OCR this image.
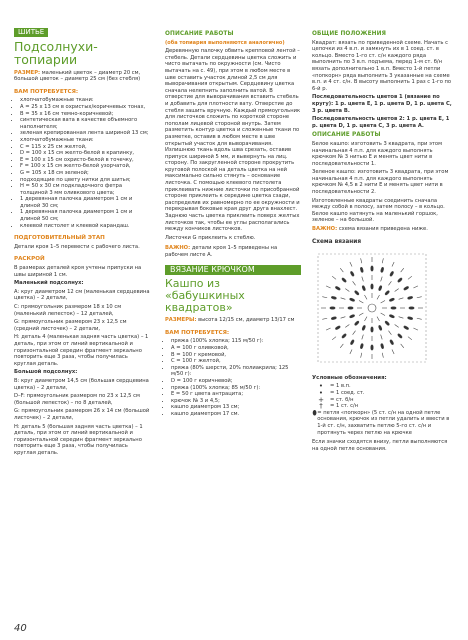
ШИТЬЕ
Подсолнухи-топиарии

РАЗМЕР: маленький цветок – диаметр 20 см, большой цветок – диаметр 25 см (без стебля)

ВАМ ПОТРЕБУЕТСЯ:
• хлопчатобумажные ткани:
• A = 25 x 13 см в охристых/коричневых тонах,
• B = 35 x 16 см темно-коричневой;
• синтетическая вата в качестве объемного наполнителя;
• зеленая крепированная лента шириной 13 см;
• хлопчатобумажные ткани:
• C = 115 x 25 см желтой,
• D = 100 x 15 см желто-белой в крапинку,
• E = 100 x 15 см охристо-белой в точечку,
• F = 100 x 15 см желто-белой узорчатой,
• G = 105 x 18 см зеленой;
• подходящие по цвету нитки для шитья;
• H = 50 x 30 см подкладочного фетра толщиной 3 мм оливкового цвета;
• 1 деревянная палочка диаметром 1 см и длиной 30 см;
• 1 деревянная палочка диаметром 1 см и длиной 50 см;
• клеевой пистолет и клеевой карандаш.
ПОДГОТОВИТЕЛЬНЫЙ ЭТАП

Детали кроя 1–5 перевести с рабочего листа.

РАСКРОЙ

В размерах деталей кроя учтены припуски на швы шириной 1 см.

Маленький подсолнух:

А: круг диаметром 12 см (маленькая сердцевина цветка) – 2 детали,

С: прямоугольник размером 18 x 10 см (маленький лепесток) – 12 деталей,

G: прямоугольник размером 23 x 12,5 см (средний листочек) – 2 детали,

H: деталь 4 (маленькая задняя часть цветка) – 1 деталь, при этом от линий вертикальной и горизонтальной середин фрагмент зеркально повторить еще 3 раза, чтобы получилась круглая деталь.

Большой подсолнух:

B: круг диаметром 14,5 см (большая сердцевина цветка) – 2 детали,

D–F: прямоугольник размером по 23 x 12,5 см (большой лепесток) – по 8 деталей,

G: прямоугольник размером 26 x 14 см (большой листочек) – 2 детали,

H: деталь 5 (большая задняя часть цветка) – 1 деталь, при этом от линий вертикальной и горизонтальной середин фрагмент зеркально повторить еще 3 раза, чтобы получилась круглая деталь.

ОПИСАНИЕ РАБОТЫ
(оба топиария выполняются аналогично)

Деревянную палочку обвить крепповой лентой – стебель. Детали сердцевины цветка сложить и чисто вытачать по окружности (см. Чисто вытачать на с. 49), при этом в любом месте в шве оставить участок длиной 2,5 см для выворачивания открытым. Сердцевину цветка сначала нелепнить заполнить ватой. В отверстие для выворачивания вставить стебель и добавить для плотности вату. Отверстие до стебля зашить вручную. Каждый прямоугольник для листочков сложить по короткой стороне пополам лицевой стороной внутрь. Затем разметить контур цветка и сложенные ткани по разметке, оставив в любом месте в шве открытый участок для выворачивания. Излишнюю ткань вдоль шва срезать, оставив припуск шириной 5 мм, и вывернуть на лиц. сторону. По закругленной стороне прокрутить круговой полоской на деталь цветка на ней максимально сильно стянуть – основание листочка. С помощью клеевого пистолета приклеивать нижние листочки по присобранной стороне приклеить к середине цветка сзади, распределив их равномерно по ее окружности и перекрывая боковые края друг друга внахлест. Заднюю часть цветка приклеить поверх желтых листочков так, чтобы ее углы располагались между кончиков листочков.

Листочки G приклеить к стеблю.

ВАЖНО: детали кроя 1–5 приведены на рабочем листе А.

ВЯЗАНИЕ КРЮЧКОМ
Кашпо из «бабушкиных квадратов»

РАЗМЕРЫ: высота 12/15 см, диаметр 13/17 см

ВАМ ПОТРЕБУЕТСЯ:
• пряжа (100% хлопка; 115 м/50 г):
• A = 100 г оливковой,
• B = 100 г кремовой,
• C = 100 г желтой,
• пряжа (80% шерсти, 20% полиакрила; 125 м/50 г):
• D = 100 г коричневой;
• пряжа (100% хлопка; 85 м/50 г):
• E = 50 г цвета антрацита;
• крючок № 3 и 4,5;
• кашпо диаметром 13 см;
• кашпо диаметром 17 см.
ОБЩИЕ ПОЛОЖЕНИЯ

Квадрат: вязать по приведенной схеме. Начать с цепочки из 4 в.п. и замкнуть их в 1 соед. ст. в кольцо. Вместо 1-го ст. с/н каждого ряда выполнить по 3 в.п. подъема, перед 1-м ст. б/н вязать дополнительно 1 в.п. Вместо 1-й петли «попкорн» ряда выполнить 3 указанные на схеме в.п. и 4 ст. с/н. В высоту выполнить 1 раз с 1-го по 6-й р.

Последовательность цветов 1 (вязание по кругу): 1 р. цвета Е, 1 р. цвета D, 1 р. цвета С, 3 р. цвета В.

Последовательность цветов 2: 1 р. цвета E, 1 р. цвета D, 1 р. цвета С, 3 р. цвета А.

ОПИСАНИЕ РАБОТЫ

Белое кашпо: изготовить 3 квадрата, при этом начинальная 4 п.п. для каждого выполнять крючком № 3 нитью Е и менять цвет нити в последовательности 1.

Зеленое кашпо: изготовить 3 квадрата, при этом начинальная 4 п.п. для каждого выполнять крючком № 4,5 в 2 нити Е и менять цвет нити в последовательности 2.

Изготовленные квадраты соединить сначала между собой в полосу, затем полосу – в кольцо. Белое кашпо натянуть на маленький горшок, зеленое – на большой.

ВАЖНО: схема вязания приведена ниже.

Схема вязания
Условные обозначения:
•	= 1 в.п.
•	= 1 соед. ст.
+	= ст. б/н
†	= 1 ст. с/н
⬮ = петля «попкорн» (5 ст. с/н на одной петле основания, крючок из петли удалить и ввести в 1-й ст. с/н, захватить петлю 5-го ст. с/н и протянуть через петлю на крючке

Если значки сходятся внизу, петли выполняются на одной петле основания.

40
